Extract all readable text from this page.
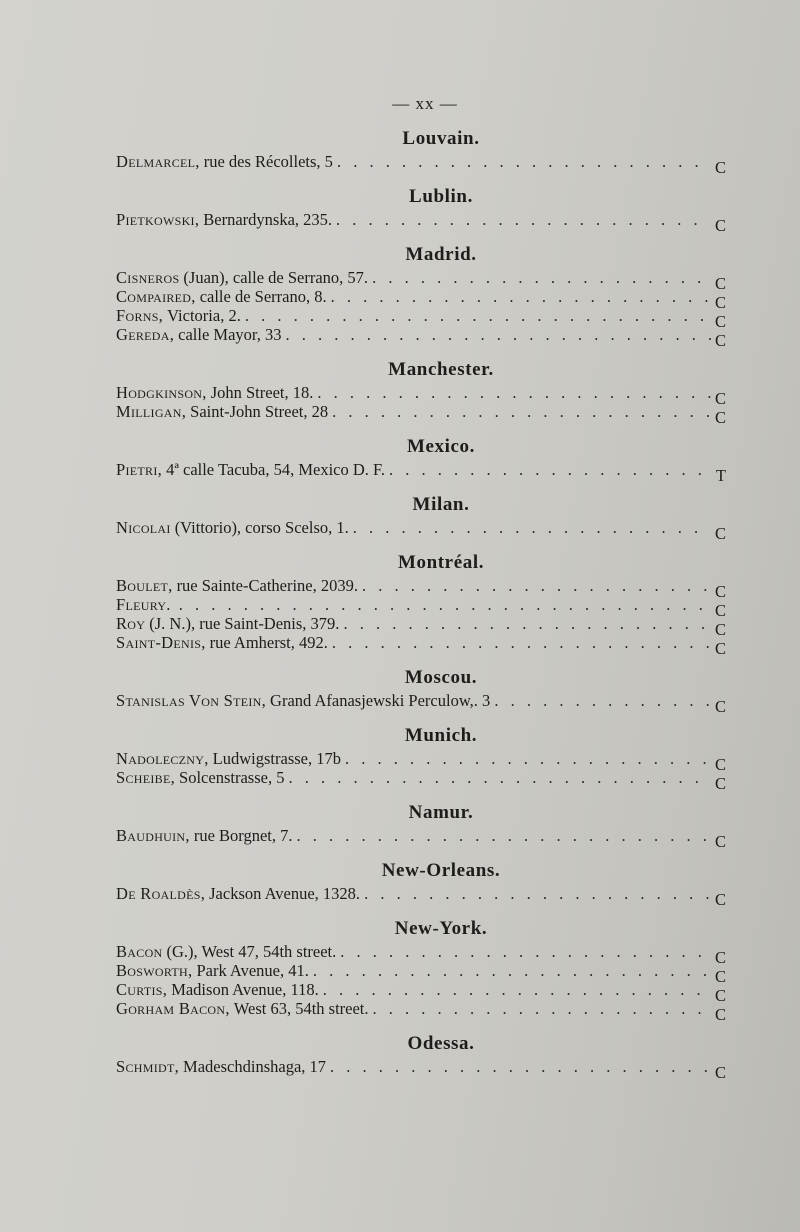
— xx —
Louvain.
Delmarcel, rue des Récollets, 5 . . .	C
Lublin.
Pietkowski, Bernardynska, 235. . . .	C
Madrid.
Cisneros (Juan), calle de Serrano, 57. . . .	C
Compaired, calle de Serrano, 8. . . .	C
Forns, Victoria, 2. . . .	C
Gereda, calle Mayor, 33 . . .	C
Manchester.
Hodgkinson, John Street, 18. . . .	C
Milligan, Saint-John Street, 28 . . .	C
Mexico.
Pietri, 4ª calle Tacuba, 54, Mexico D. F. . . .	T
Milan.
Nicolai (Vittorio), corso Scelso, 1. . . .	C
Montréal.
Boulet, rue Sainte-Catherine, 2039. . . .	C
Fleury. . . .	C
Roy (J. N.), rue Saint-Denis, 379. . . .	C
Saint-Denis, rue Amherst, 492. . . .	C
Moscou.
Stanislas Von Stein, Grand Afanasjewski Perculow,. 3 . . .	C
Munich.
Nadoleczny, Ludwigstrasse, 17b . . .	C
Scheibe, Solcenstrasse, 5 . . .	C
Namur.
Baudhuin, rue Borgnet, 7. . . .	C
New-Orleans.
De Roaldès, Jackson Avenue, 1328. . . .	C
New-York.
Bacon (G.), West 47, 54th street. . . .	C
Bosworth, Park Avenue, 41. . . .	C
Curtis, Madison Avenue, 118. . . .	C
Gorham Bacon, West 63, 54th street. . . .	C
Odessa.
Schmidt, Madeschdinshaga, 17 . . .	C
